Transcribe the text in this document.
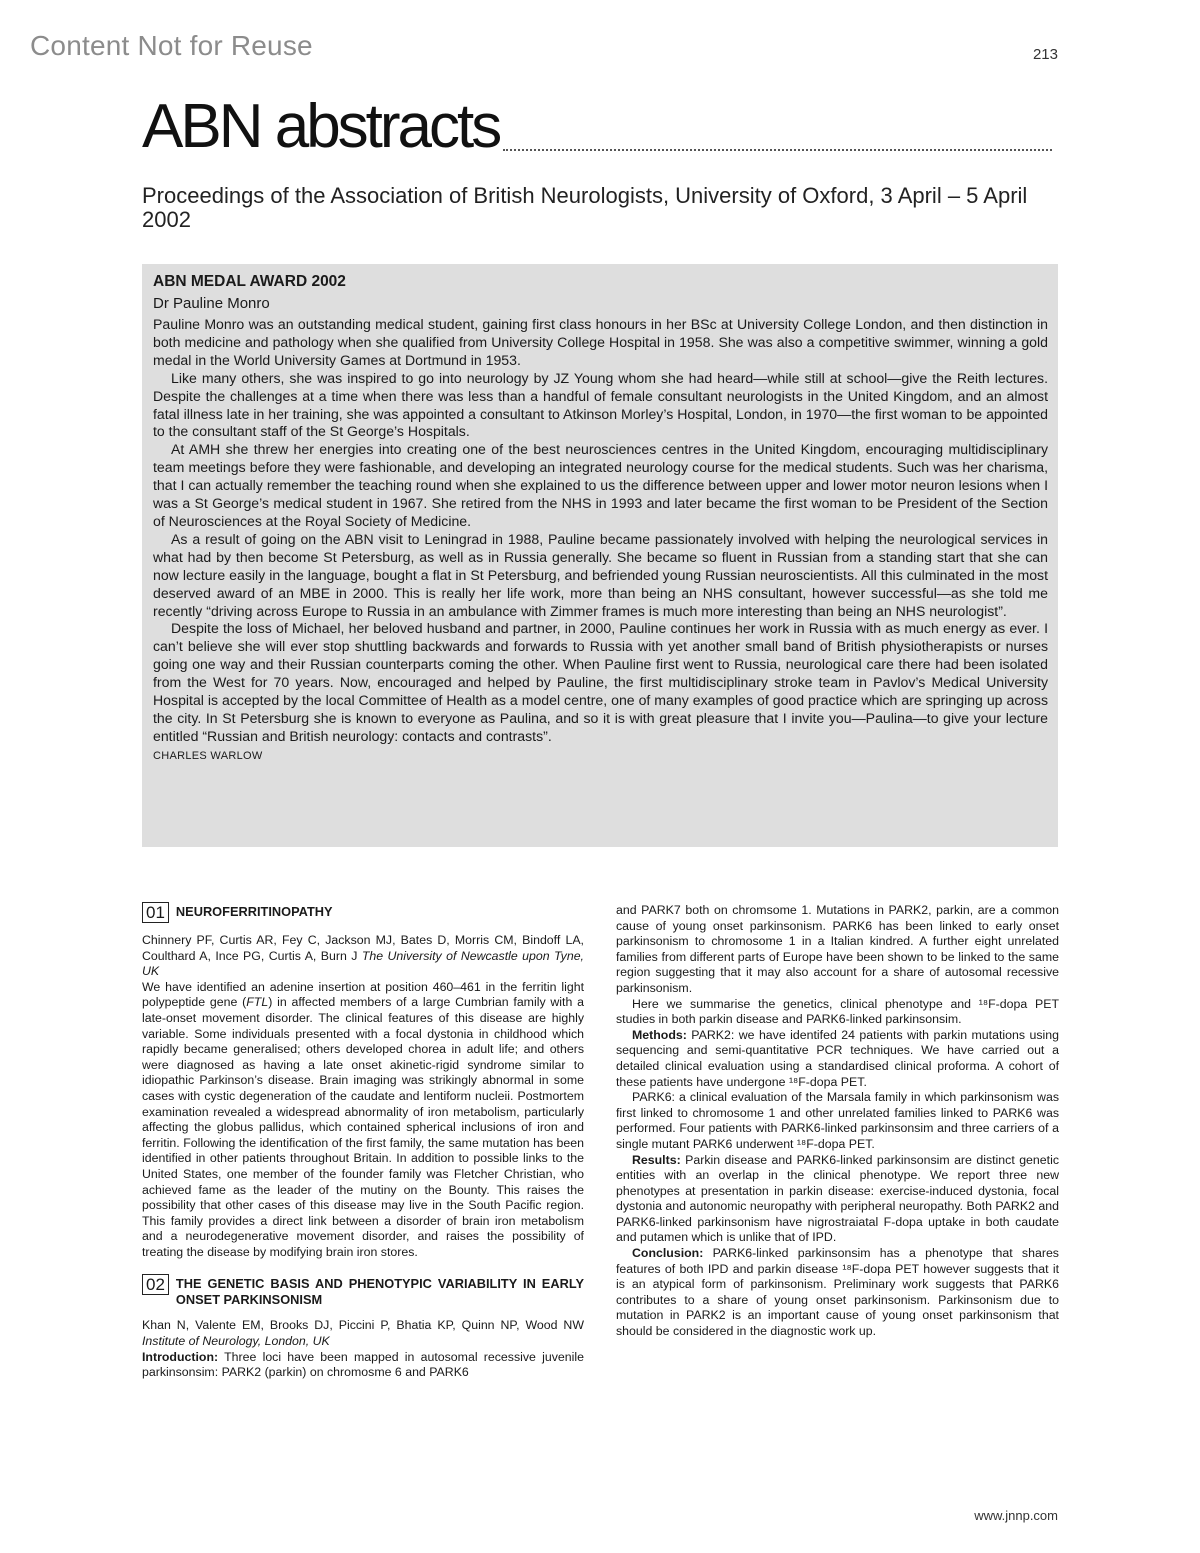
Content Not for Reuse	213
ABN abstracts
Proceedings of the Association of British Neurologists, University of Oxford, 3 April – 5 April 2002
ABN MEDAL AWARD 2002
Dr Pauline Monro

Pauline Monro was an outstanding medical student, gaining first class honours in her BSc at University College London, and then distinction in both medicine and pathology when she qualified from University College Hospital in 1958. She was also a competitive swimmer, winning a gold medal in the World University Games at Dortmund in 1953.

Like many others, she was inspired to go into neurology by JZ Young whom she had heard—while still at school—give the Reith lectures. Despite the challenges at a time when there was less than a handful of female consultant neurologists in the United Kingdom, and an almost fatal illness late in her training, she was appointed a consultant to Atkinson Morley’s Hospital, London, in 1970—the first woman to be appointed to the consultant staff of the St George’s Hospitals.

At AMH she threw her energies into creating one of the best neurosciences centres in the United Kingdom, encouraging multidisciplinary team meetings before they were fashionable, and developing an integrated neurology course for the medical students. Such was her charisma, that I can actually remember the teaching round when she explained to us the difference between upper and lower motor neuron lesions when I was a St George’s medical student in 1967. She retired from the NHS in 1993 and later became the first woman to be President of the Section of Neurosciences at the Royal Society of Medicine.

As a result of going on the ABN visit to Leningrad in 1988, Pauline became passionately involved with helping the neurological services in what had by then become St Petersburg, as well as in Russia generally. She became so fluent in Russian from a standing start that she can now lecture easily in the language, bought a flat in St Petersburg, and befriended young Russian neuroscientists. All this culminated in the most deserved award of an MBE in 2000. This is really her life work, more than being an NHS consultant, however successful—as she told me recently “driving across Europe to Russia in an ambulance with Zimmer frames is much more interesting than being an NHS neurologist”.

Despite the loss of Michael, her beloved husband and partner, in 2000, Pauline continues her work in Russia with as much energy as ever. I can’t believe she will ever stop shuttling backwards and forwards to Russia with yet another small band of British physiotherapists or nurses going one way and their Russian counterparts coming the other. When Pauline first went to Russia, neurological care there had been isolated from the West for 70 years. Now, encouraged and helped by Pauline, the first multidisciplinary stroke team in Pavlov’s Medical University Hospital is accepted by the local Committee of Health as a model centre, one of many examples of good practice which are springing up across the city. In St Petersburg she is known to everyone as Paulina, and so it is with great pleasure that I invite you—Paulina—to give your lecture entitled “Russian and British neurology: contacts and contrasts”.

CHARLES WARLOW
01 NEUROFERRITINOPATHY

Chinnery PF, Curtis AR, Fey C, Jackson MJ, Bates D, Morris CM, Bindoff LA, Coulthard A, Ince PG, Curtis A, Burn J The University of Newcastle upon Tyne, UK

We have identified an adenine insertion at position 460–461 in the ferritin light polypeptide gene (FTL) in affected members of a large Cumbrian family with a late-onset movement disorder. The clinical features of this disease are highly variable. Some individuals presented with a focal dystonia in childhood which rapidly became generalised; others developed chorea in adult life; and others were diagnosed as having a late onset akinetic-rigid syndrome similar to idiopathic Parkinson’s disease. Brain imaging was strikingly abnormal in some cases with cystic degeneration of the caudate and lentiform nucleii. Postmortem examination revealed a widespread abnormality of iron metabolism, particularly affecting the globus pallidus, which contained spherical inclusions of iron and ferritin. Following the identification of the first family, the same mutation has been identified in other patients throughout Britain. In addition to possible links to the United States, one member of the founder family was Fletcher Christian, who achieved fame as the leader of the mutiny on the Bounty. This raises the possibility that other cases of this disease may live in the South Pacific region. This family provides a direct link between a disorder of brain iron metabolism and a neurodegenerative movement disorder, and raises the possibility of treating the disease by modifying brain iron stores.

02 THE GENETIC BASIS AND PHENOTYPIC VARIABILITY IN EARLY ONSET PARKINSONISM

Khan N, Valente EM, Brooks DJ, Piccini P, Bhatia KP, Quinn NP, Wood NW Institute of Neurology, London, UK

Introduction: Three loci have been mapped in autosomal recessive juvenile parkinsonsim: PARK2 (parkin) on chromosme 6 and PARK6

and PARK7 both on chromsome 1. Mutations in PARK2, parkin, are a common cause of young onset parkinsonism. PARK6 has been linked to early onset parkinsonism to chromosome 1 in a Italian kindred. A further eight unrelated families from different parts of Europe have been shown to be linked to the same region suggesting that it may also account for a share of autosomal recessive parkinsonism.

Here we summarise the genetics, clinical phenotype and ¹⁸F-dopa PET studies in both parkin disease and PARK6-linked parkinsonsim.

Methods: PARK2: we have identifed 24 patients with parkin mutations using sequencing and semi-quantitative PCR techniques. We have carried out a detailed clinical evaluation using a standardised clinical proforma. A cohort of these patients have undergone ¹⁸F-dopa PET.

PARK6: a clinical evaluation of the Marsala family in which parkinsonism was first linked to chromosome 1 and other unrelated families linked to PARK6 was performed. Four patients with PARK6-linked parkinsonsim and three carriers of a single mutant PARK6 underwent ¹⁸F-dopa PET.

Results: Parkin disease and PARK6-linked parkinsonsim are distinct genetic entities with an overlap in the clinical phenotype. We report three new phenotypes at presentation in parkin disease: exercise-induced dystonia, focal dystonia and autonomic neuropathy with peripheral neuropathy. Both PARK2 and PARK6-linked parkinsonism have nigrostraiatal F-dopa uptake in both caudate and putamen which is unlike that of IPD.

Conclusion: PARK6-linked parkinsonsim has a phenotype that shares features of both IPD and parkin disease ¹⁸F-dopa PET however suggests that it is an atypical form of parkinsonism. Preliminary work suggests that PARK6 contributes to a share of young onset parkinsonism. Parkinsonism due to mutation in PARK2 is an important cause of young onset parkinsonism that should be considered in the diagnostic work up.

www.jnnp.com
